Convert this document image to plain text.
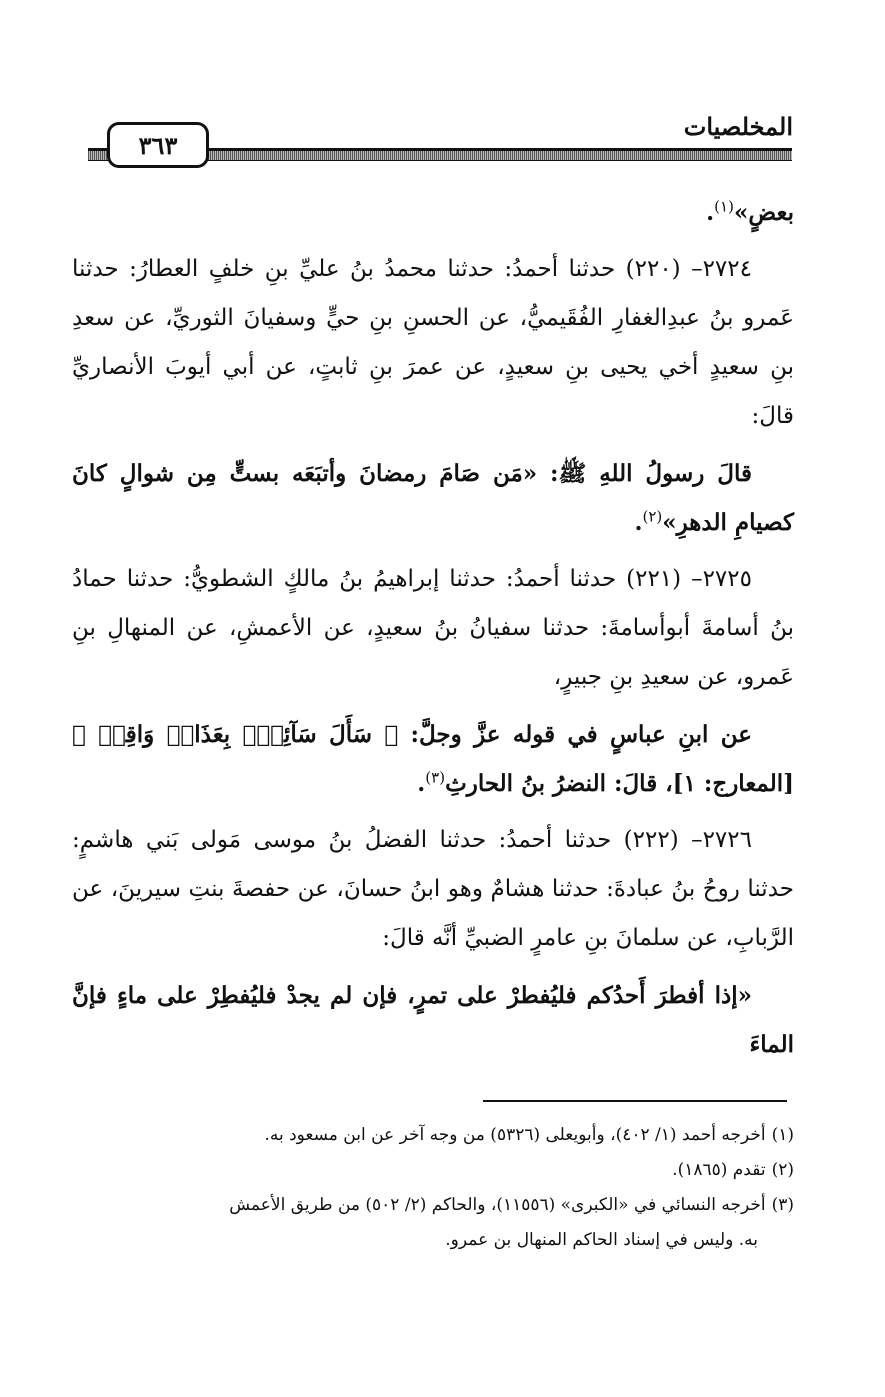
٣٦٣
المخلصيات

بعضٍ»$^{(١)}$.

٢٧٢٤– (٢٢٠) حدثنا أحمدُ: حدثنا محمدُ بنُ عليِّ بنِ خلفٍ العطارُ: حدثنا عَمرو بنُ عبدِالغفارِ الفُقَيميُّ، عن الحسنِ بنِ حيٍّ وسفيانَ الثوريِّ، عن سعدِ بنِ سعيدٍ أخي يحيى بنِ سعيدٍ، عن عمرَ بنِ ثابتٍ، عن أبي أيوبَ الأنصاريِّ قالَ:

قالَ رسولُ اللهِ ﷺ: «مَن صَامَ رمضانَ وأتبَعَه بستٍّ مِن شوالٍ كانَ كصيامِ الدهرِ»$^{(٢)}$.

٢٧٢٥– (٢٢١) حدثنا أحمدُ: حدثنا إبراهيمُ بنُ مالكٍ الشطويُّ: حدثنا حمادُ بنُ أسامةَ أبوأسامةَ: حدثنا سفيانُ بنُ سعيدٍ، عن الأعمشِ، عن المنهالِ بنِ عَمرو، عن سعيدِ بنِ جبيرٍ،

عن ابنِ عباسٍ في قوله عزَّ وجلَّ: ﴿ سَأَلَ سَآئِلُۢ بِعَذَابٖ وَاقِعٖ ﴾ [المعارج: ١]، قالَ: النضرُ بنُ الحارثِ$^{(٣)}$.

٢٧٢٦– (٢٢٢) حدثنا أحمدُ: حدثنا الفضلُ بنُ موسى مَولى بَني هاشمٍ: حدثنا روحُ بنُ عبادةَ: حدثنا هشامٌ وهو ابنُ حسانَ، عن حفصةَ بنتِ سيرينَ، عن الرَّبابِ، عن سلمانَ بنِ عامرٍ الضبيِّ أنَّه قالَ:

«إذا أفطرَ أَحدُكم فليُفطرْ على تمرٍ، فإن لم يجدْ فليُفطِرْ على ماءٍ فإنَّ الماءَ

(١)أخرجه أحمد (١/ ٤٠٢)، وأبويعلى (٥٣٢٦) من وجه آخر عن ابن مسعود به.

(٢)تقدم (١٨٦٥).

(٣)أخرجه النسائي في «الكبرى» (١١٥٥٦)، والحاكم (٢/ ٥٠٢) من طريق الأعمش

به. وليس في إسناد الحاكم المنهال بن عمرو.
